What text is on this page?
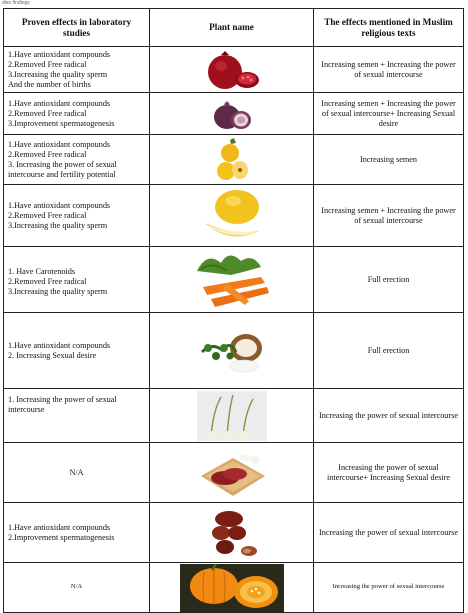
dies findings
Proven effects in laboratory studies	Plant name	The effects mentioned in Muslim religious texts

1.Have antioxidant compounds
2.Removed Free radical
3.Increasing the quality sperm
And the number of births		Increasing semen + Increasing the power of sexual intercourse

1.Have antioxidant compounds
2.Removed Free radical
3.Improvement spermatogenesis		Increasing semen + Increasing the power of sexual intercourse+ Increasing Sexual desire

1.Have antioxidant compounds
2.Removed Free radical
3. Increasing the power of sexual intercourse and fertility potential		Increasing semen

1.Have antioxidant compounds
2.Removed Free radical
3.Increasing the quality sperm		Increasing semen + Increasing the power of sexual intercourse

1. Have Carotenoids
2.Removed Free radical
3.Increasing the quality sperm		Full erection

1.Have antioxidant compounds
2. Increasing Sexual desire		Full erection

1. Increasing the power of sexual intercourse		Increasing the power of sexual intercourse

N/A		Increasing the power of sexual intercourse+ Increasing Sexual desire

1.Have antioxidant compounds
2.Improvement spermatogenesis		Increasing the power of sexual intercourse

N/A		Increasing the power of sexual intercourse
